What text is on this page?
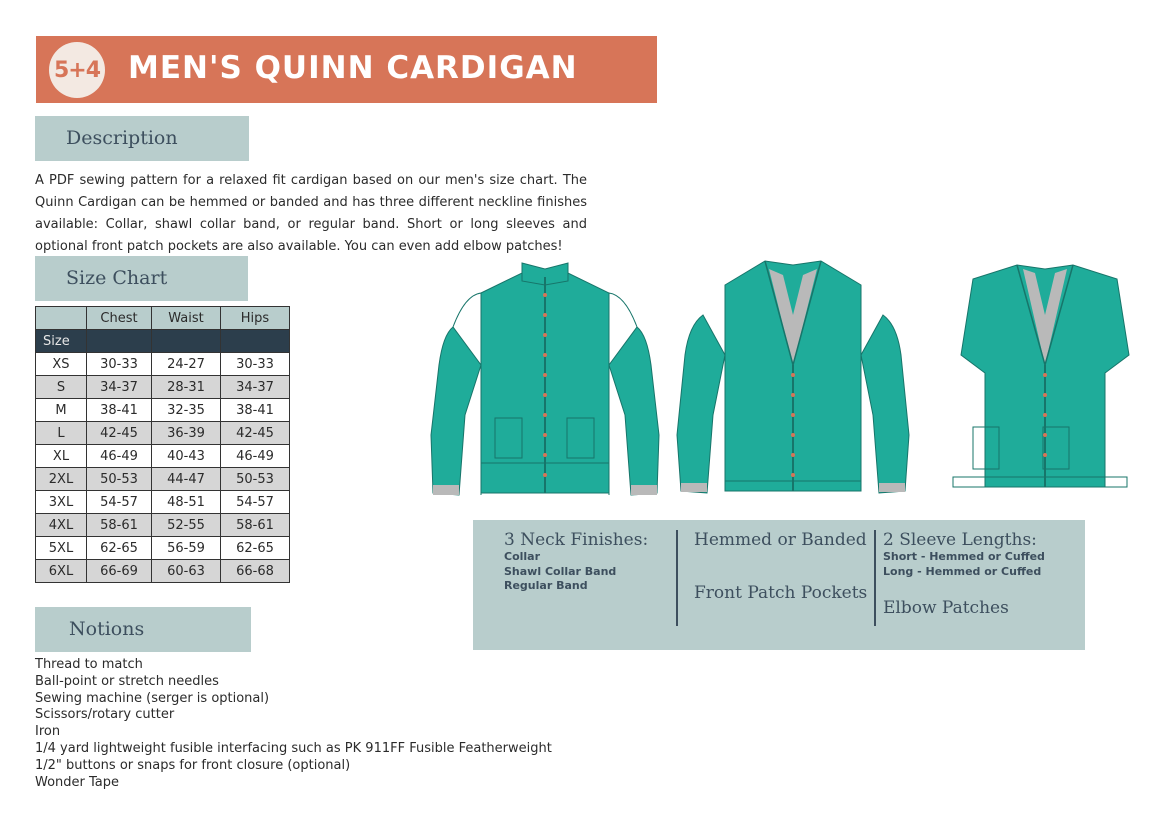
5+4 MEN'S QUINN CARDIGAN
Description
A PDF sewing pattern for a relaxed fit cardigan based on our men's size chart. The Quinn Cardigan can be hemmed or banded and has three different neckline finishes available: Collar, shawl collar band, or regular band. Short or long sleeves and optional front patch pockets are also available. You can even add elbow patches!
Size Chart
	Chest	Waist	Hips
Size			
XS	30-33	24-27	30-33
S	34-37	28-31	34-37
M	38-41	32-35	38-41
L	42-45	36-39	42-45
XL	46-49	40-43	46-49
2XL	50-53	44-47	50-53
3XL	54-57	48-51	54-57
4XL	58-61	52-55	58-61
5XL	62-65	56-59	62-65
6XL	66-69	60-63	66-68
Notions
Thread to match
Ball-point or stretch needles
Sewing machine (serger is optional)
Scissors/rotary cutter
Iron
1/4 yard lightweight fusible interfacing such as PK 911FF Fusible Featherweight
1/2" buttons or snaps for front closure (optional)
Wonder Tape
3 Neck Finishes:
Collar
Shawl Collar Band
Regular Band
Hemmed or Banded
Front Patch Pockets
2 Sleeve Lengths:
Short - Hemmed or Cuffed
Long - Hemmed or Cuffed
Elbow Patches
